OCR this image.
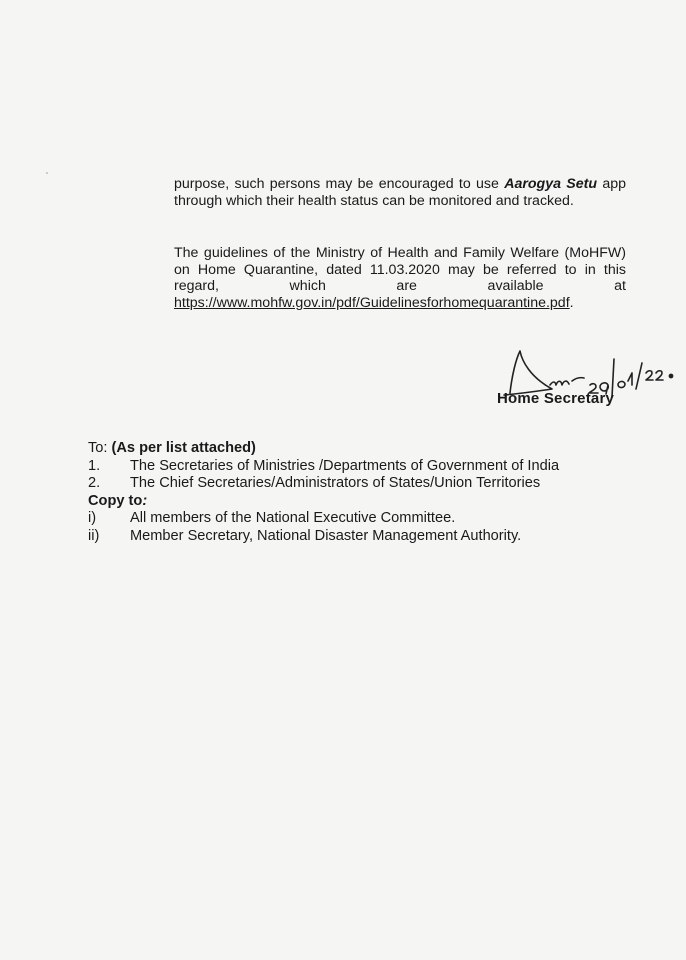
purpose, such persons may be encouraged to use Aarogya Setu app through which their health status can be monitored and tracked.

The guidelines of the Ministry of Health and Family Welfare (MoHFW) on Home Quarantine, dated 11.03.2020 may be referred to in this regard, which are available at https://www.mohfw.gov.in/pdf/Guidelinesforhomequarantine.pdf.

Home Secretary
To: (As per list attached)
1.	The Secretaries of Ministries /Departments of Government of India
2.	The Chief Secretaries/Administrators of States/Union Territories
Copy to:
i)	All members of the National Executive Committee.
ii)	Member Secretary, National Disaster Management Authority.
